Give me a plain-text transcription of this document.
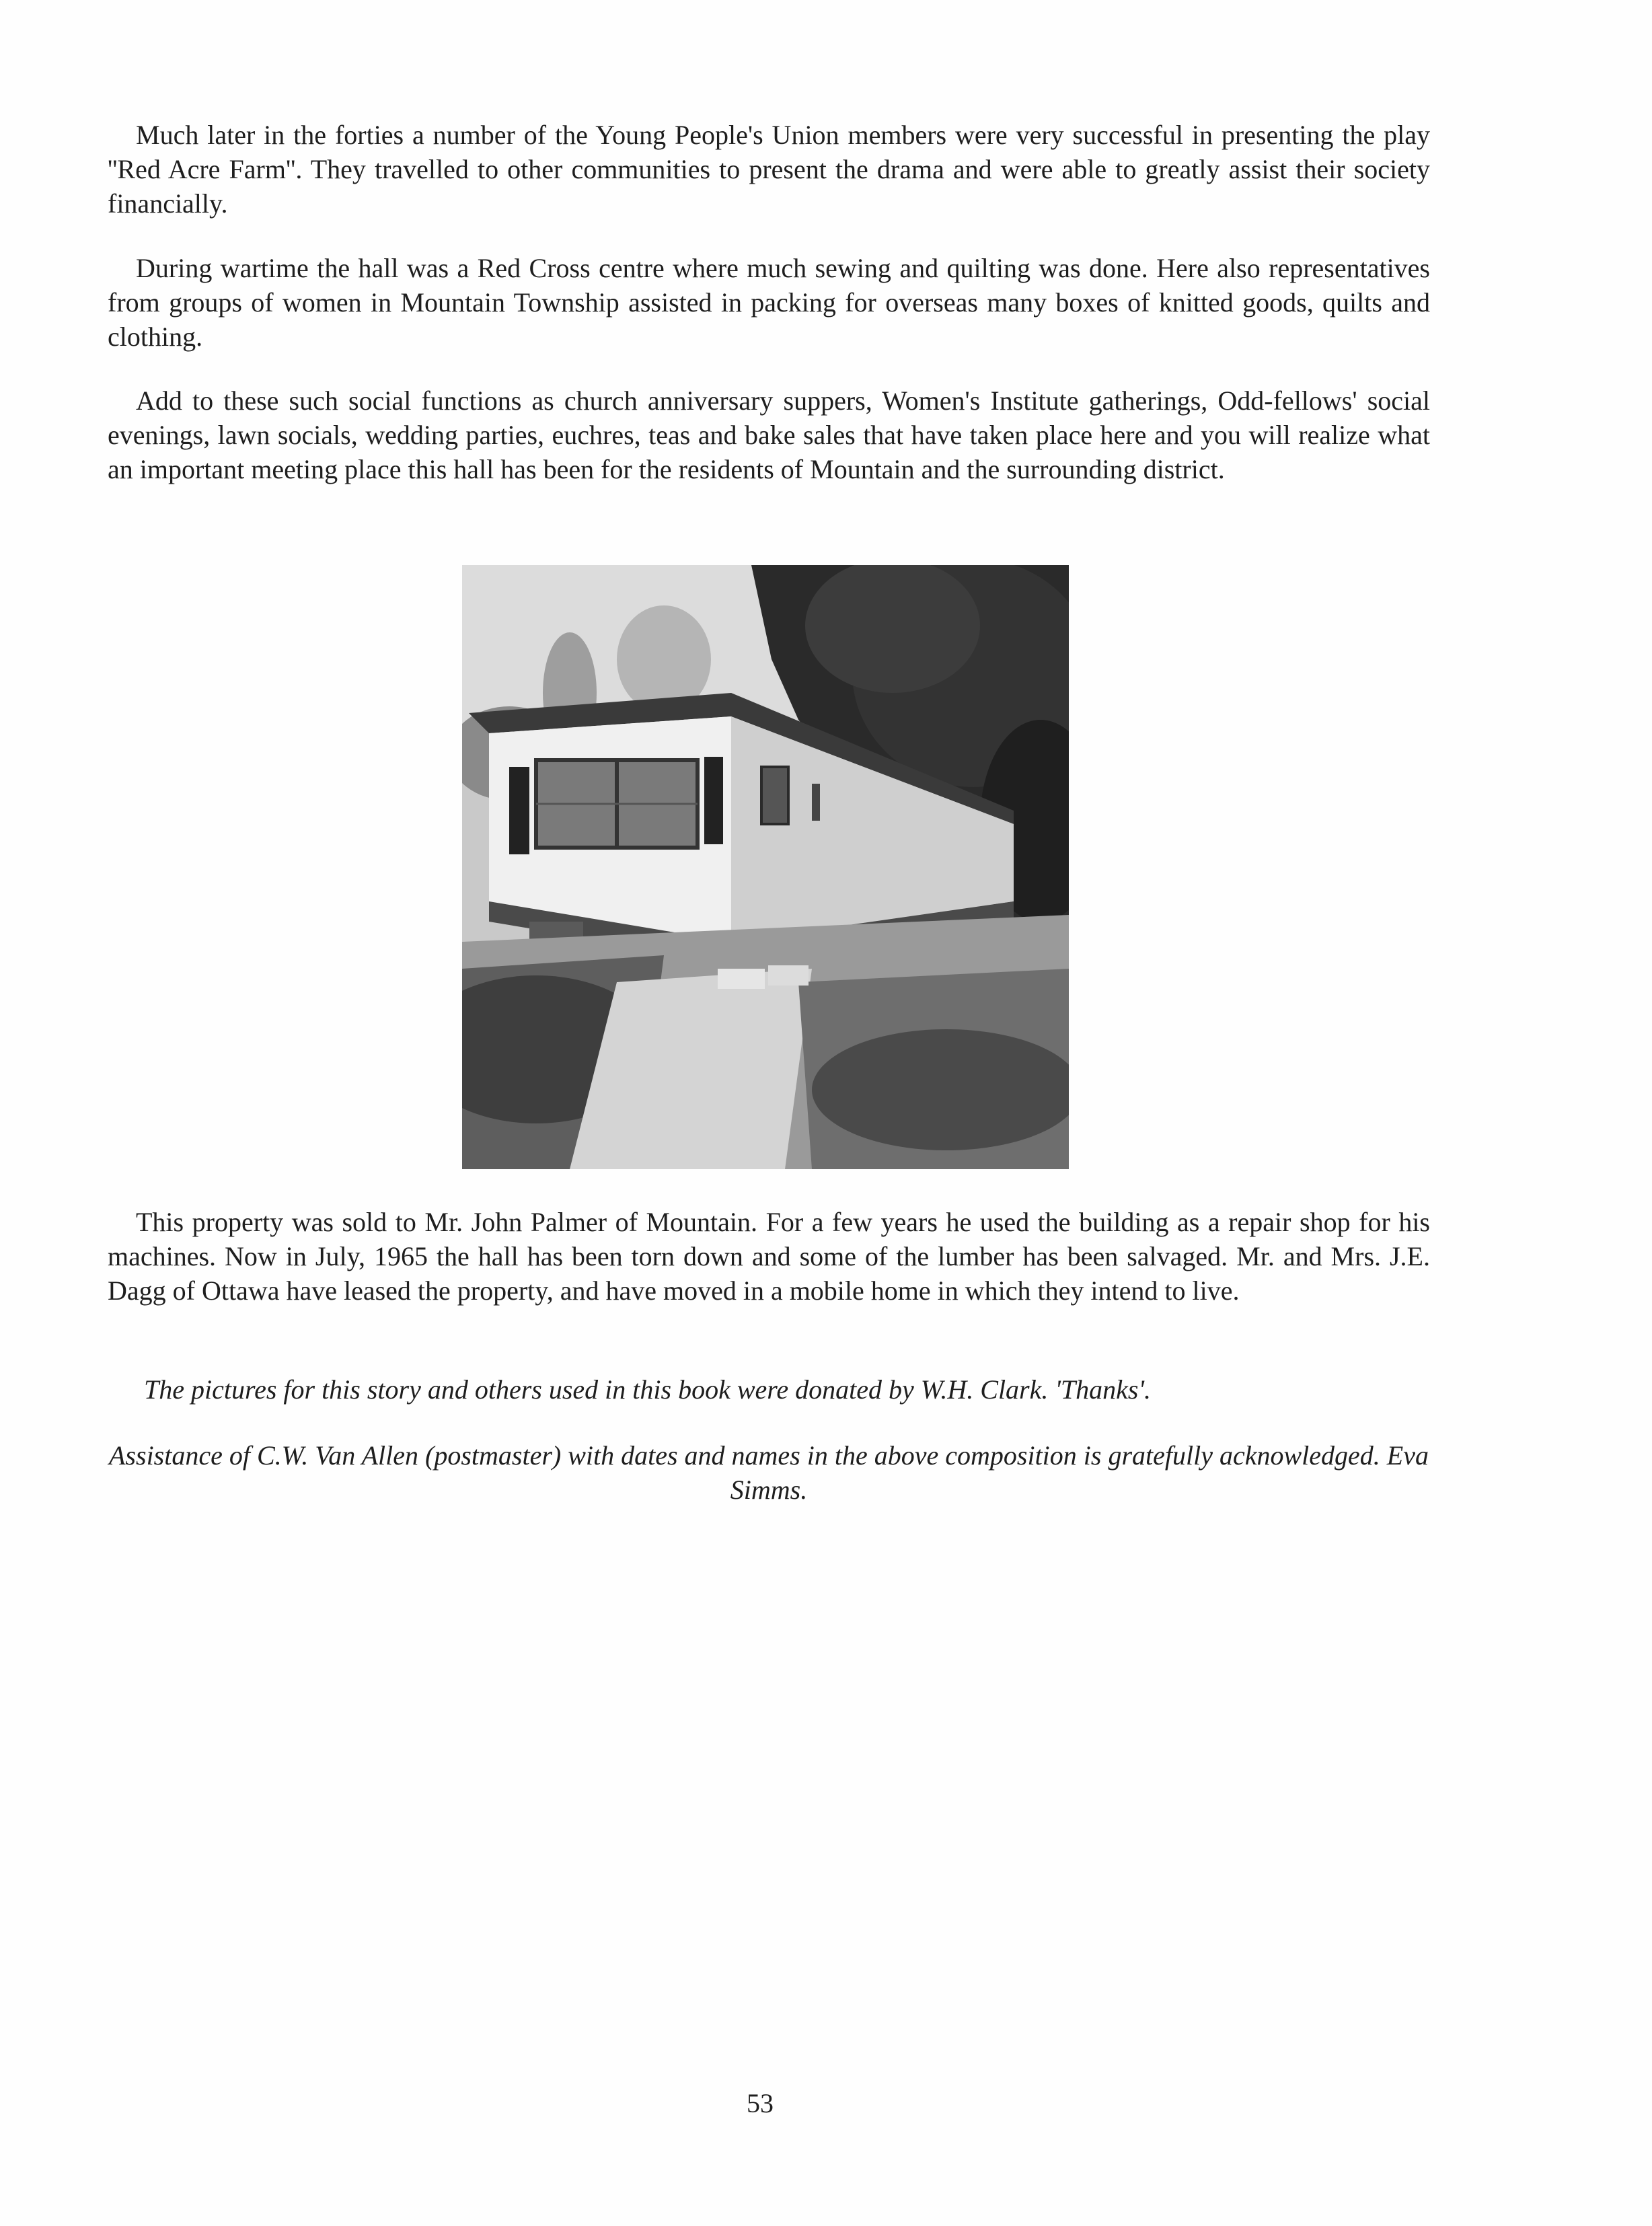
Much later in the forties a number of the Young People's Union members were very successful in presenting the play ''Red Acre Farm''. They travelled to other communities to present the drama and were able to greatly assist their society financially.

During wartime the hall was a Red Cross centre where much sewing and quilting was done. Here also representatives from groups of women in Mountain Township assisted in packing for overseas many boxes of knitted goods, quilts and clothing.

Add to these such social functions as church anniversary suppers, Women's Institute gatherings, Odd-fellows' social evenings, lawn socials, wedding parties, euchres, teas and bake sales that have taken place here and you will realize what an important meeting place this hall has been for the residents of Mountain and the surrounding district.

This property was sold to Mr. John Palmer of Mountain. For a few years he used the building as a repair shop for his machines. Now in July, 1965 the hall has been torn down and some of the lumber has been salvaged. Mr. and Mrs. J.E. Dagg of Ottawa have leased the property, and have moved in a mobile home in which they intend to live.

The pictures for this story and others used in this book were donated by W.H. Clark. 'Thanks'.

Assistance of C.W. Van Allen (postmaster) with dates and names in the above composition is gratefully acknowledged. Eva Simms.

53
